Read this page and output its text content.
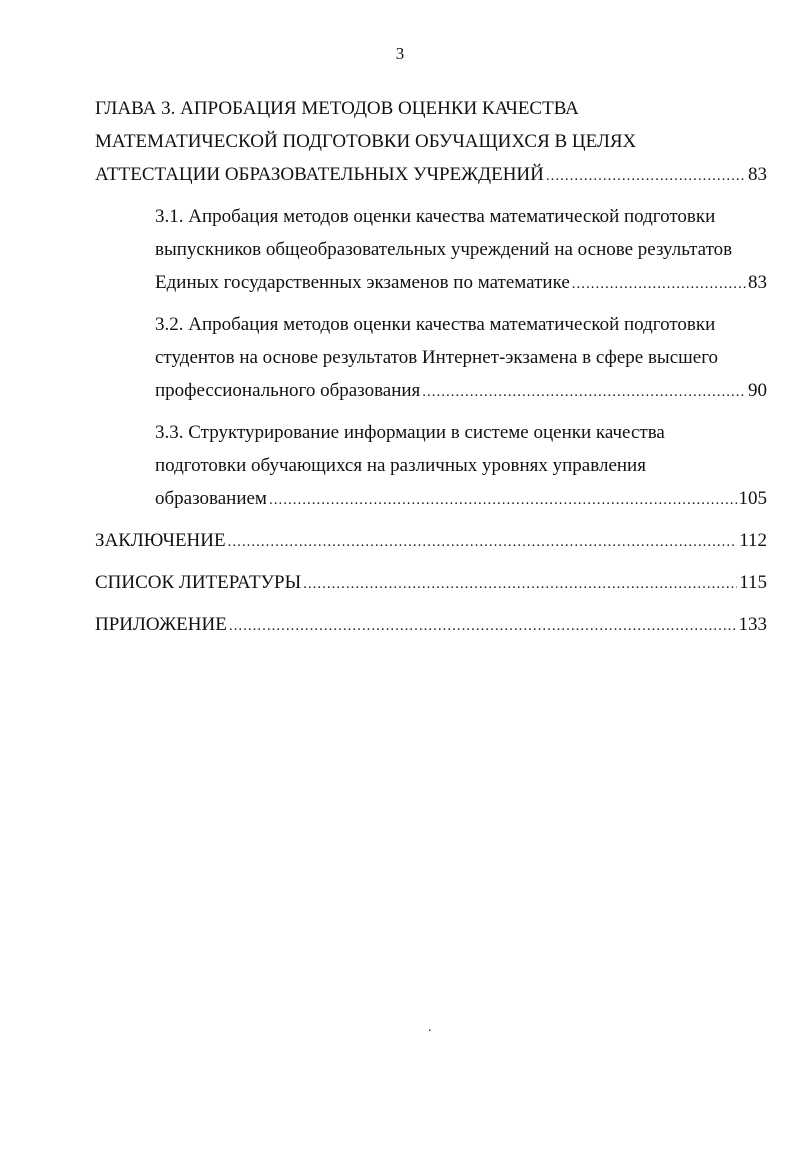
3
ГЛАВА 3. АПРОБАЦИЯ МЕТОДОВ ОЦЕНКИ КАЧЕСТВА
МАТЕМАТИЧЕСКОЙ ПОДГОТОВКИ ОБУЧАЩИХСЯ В ЦЕЛЯХ
АТТЕСТАЦИИ ОБРАЗОВАТЕЛЬНЫХ УЧРЕЖДЕНИЙ .....	83
3.1. Апробация методов оценки качества математической подготовки
выпускников общеобразовательных учреждений на основе результатов
Единых государственных экзаменов по математике .....	83
3.2. Апробация методов оценки качества математической подготовки
студентов на основе результатов Интернет-экзамена в сфере высшего
профессионального образования .....	90
3.3. Структурирование информации в системе оценки качества
подготовки обучающихся на различных уровнях управления
образованием .....	105
ЗАКЛЮЧЕНИЕ .....	112
СПИСОК ЛИТЕРАТУРЫ .....	115
ПРИЛОЖЕНИЕ .....	133
.
